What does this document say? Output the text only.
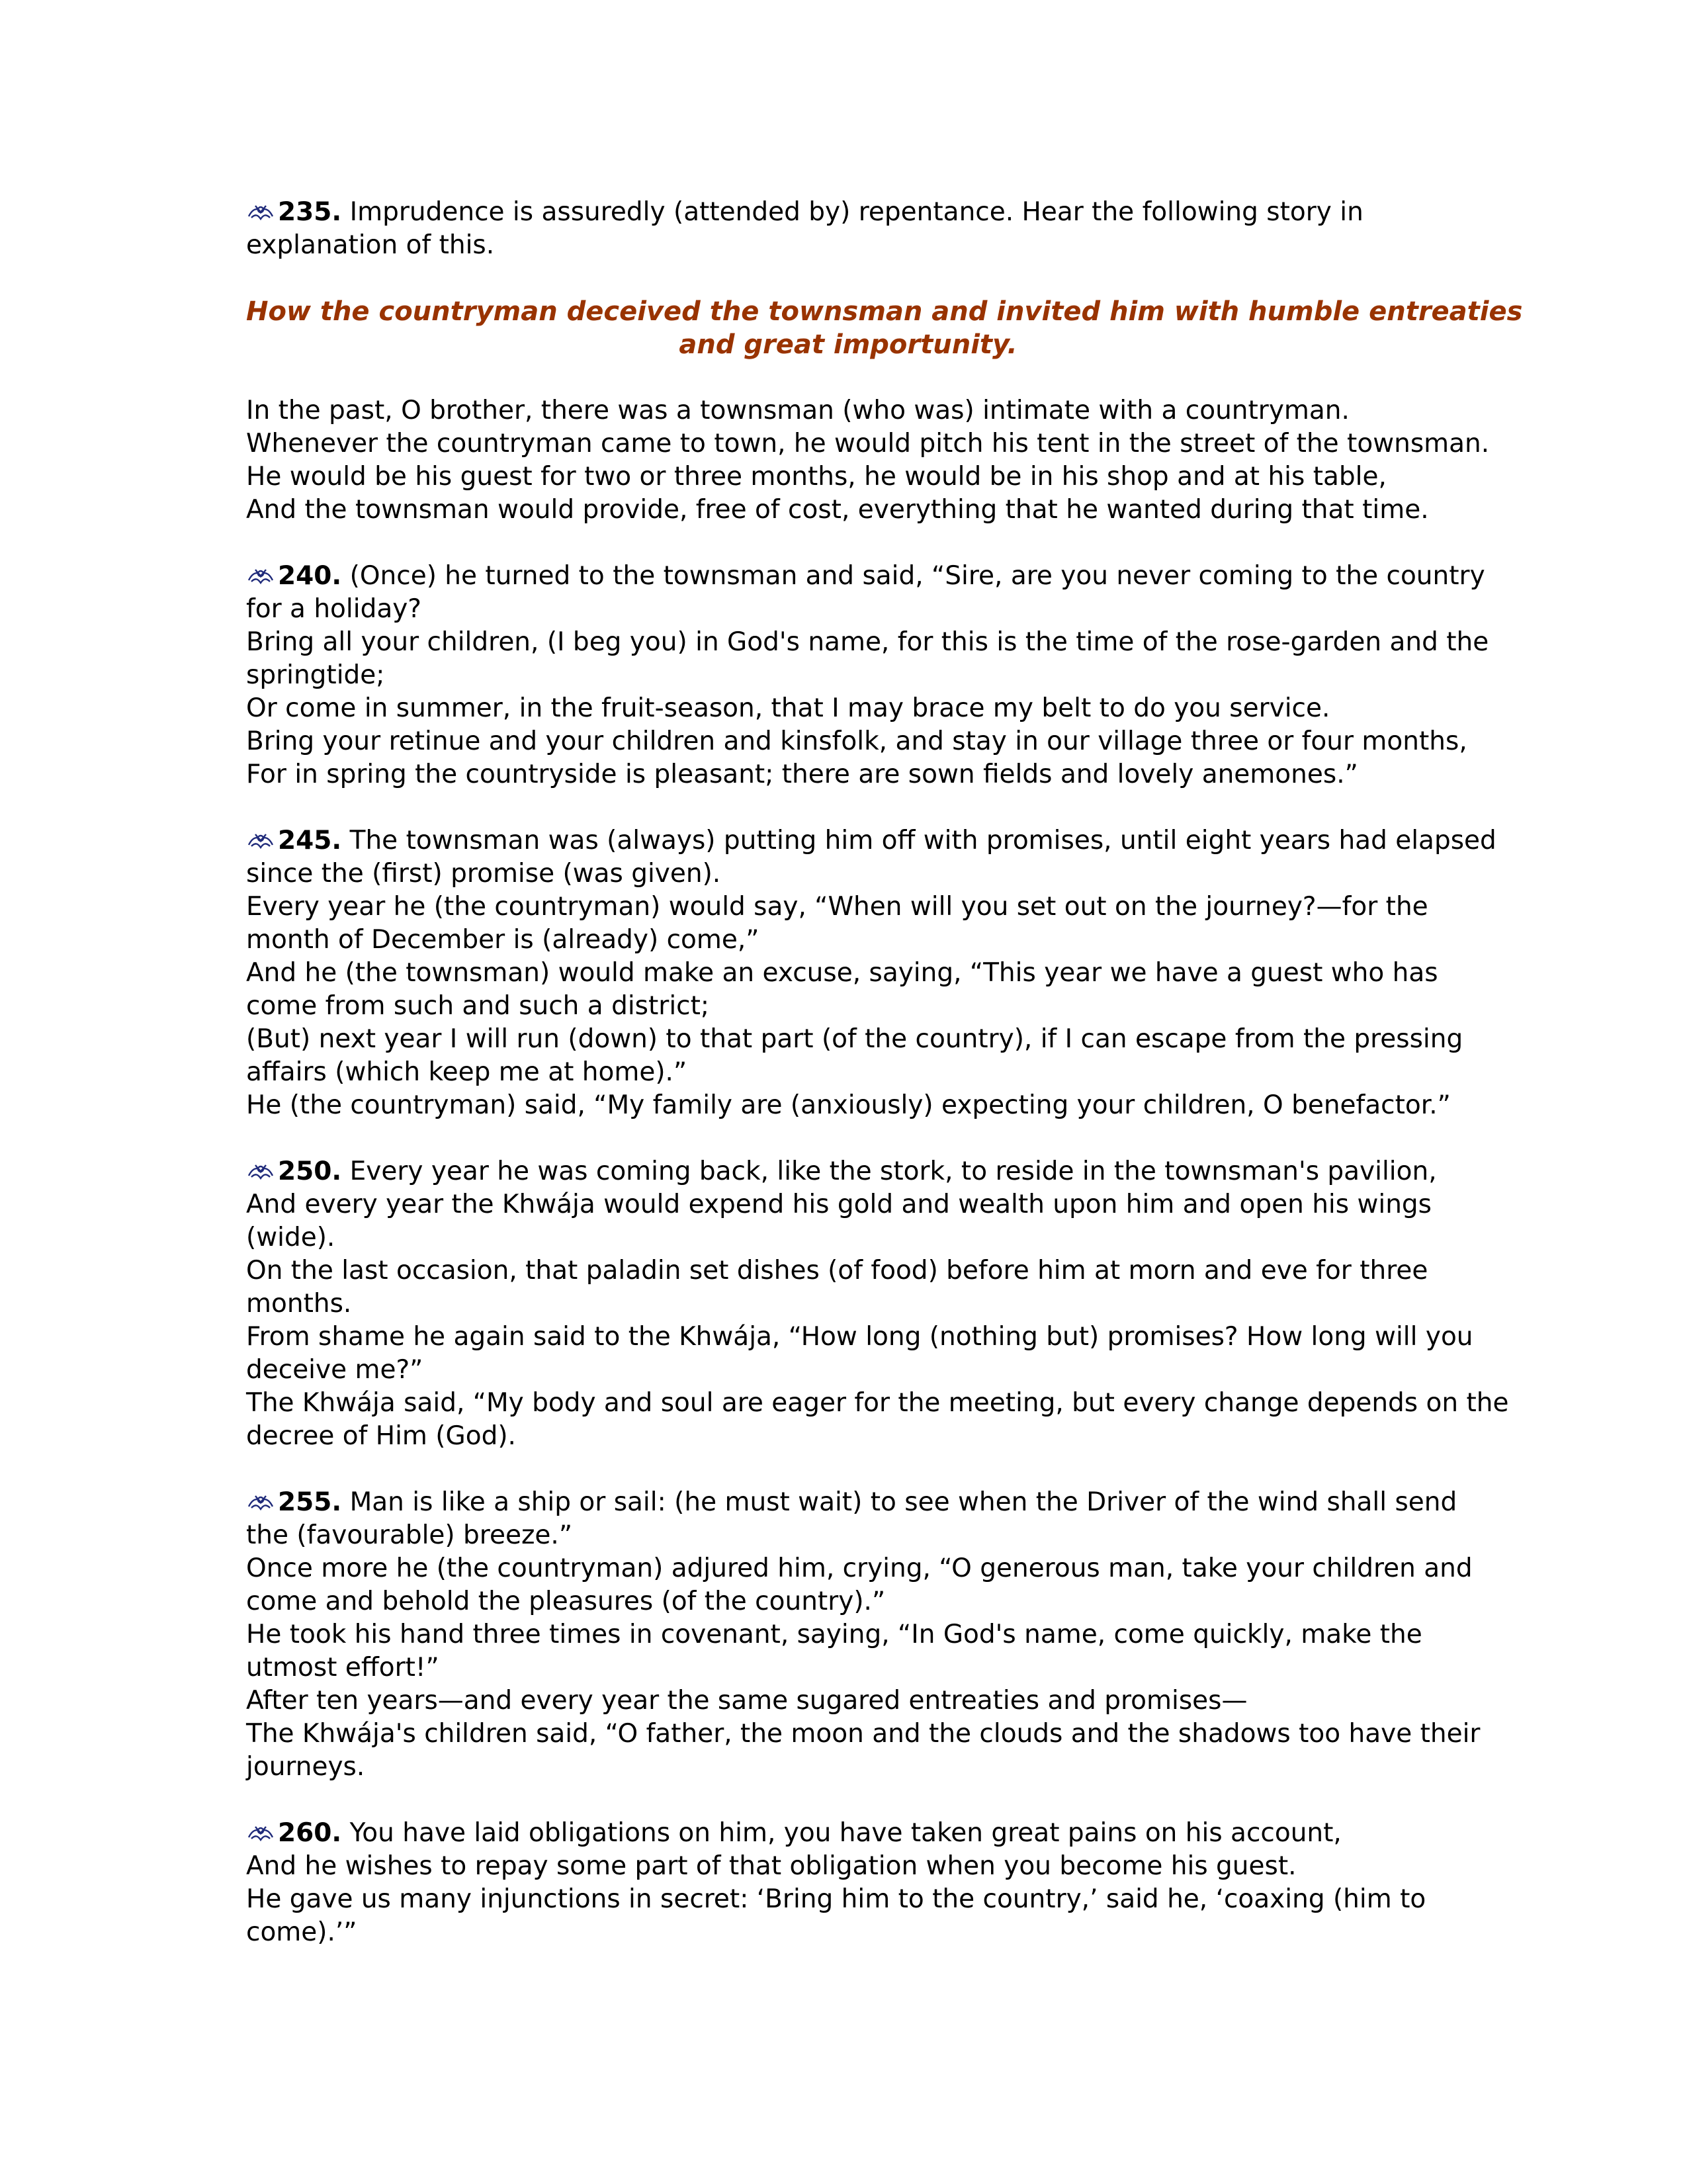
235. Imprudence is assuredly (attended by) repentance. Hear the following story in
explanation of this.

How the countryman deceived the townsman and invited him with humble entreaties
and great importunity.

In the past, O brother, there was a townsman (who was) intimate with a countryman.
Whenever the countryman came to town, he would pitch his tent in the street of the townsman.
He would be his guest for two or three months, he would be in his shop and at his table,
And the townsman would provide, free of cost, everything that he wanted during that time.

240. (Once) he turned to the townsman and said, “Sire, are you never coming to the country
for a holiday?
Bring all your children, (I beg you) in God's name, for this is the time of the rose-garden and the
springtide;
Or come in summer, in the fruit-season, that I may brace my belt to do you service.
Bring your retinue and your children and kinsfolk, and stay in our village three or four months,
For in spring the countryside is pleasant; there are sown fields and lovely anemones.”

245. The townsman was (always) putting him off with promises, until eight years had elapsed
since the (first) promise (was given).
Every year he (the countryman) would say, “When will you set out on the journey?—for the
month of December is (already) come,”
And he (the townsman) would make an excuse, saying, “This year we have a guest who has
come from such and such a district;
(But) next year I will run (down) to that part (of the country), if I can escape from the pressing
affairs (which keep me at home).”
He (the countryman) said, “My family are (anxiously) expecting your children, O benefactor.”

250. Every year he was coming back, like the stork, to reside in the townsman's pavilion,
And every year the Khwája would expend his gold and wealth upon him and open his wings
(wide).
On the last occasion, that paladin set dishes (of food) before him at morn and eve for three
months.
From shame he again said to the Khwája, “How long (nothing but) promises? How long will you
deceive me?”
The Khwája said, “My body and soul are eager for the meeting, but every change depends on the
decree of Him (God).

255. Man is like a ship or sail: (he must wait) to see when the Driver of the wind shall send
the (favourable) breeze.”
Once more he (the countryman) adjured him, crying, “O generous man, take your children and
come and behold the pleasures (of the country).”
He took his hand three times in covenant, saying, “In God's name, come quickly, make the
utmost effort!”
After ten years—and every year the same sugared entreaties and promises—
The Khwája's children said, “O father, the moon and the clouds and the shadows too have their
journeys.

260. You have laid obligations on him, you have taken great pains on his account,
And he wishes to repay some part of that obligation when you become his guest.
He gave us many injunctions in secret: ‘Bring him to the country,’ said he, ‘coaxing (him to
come).’”
